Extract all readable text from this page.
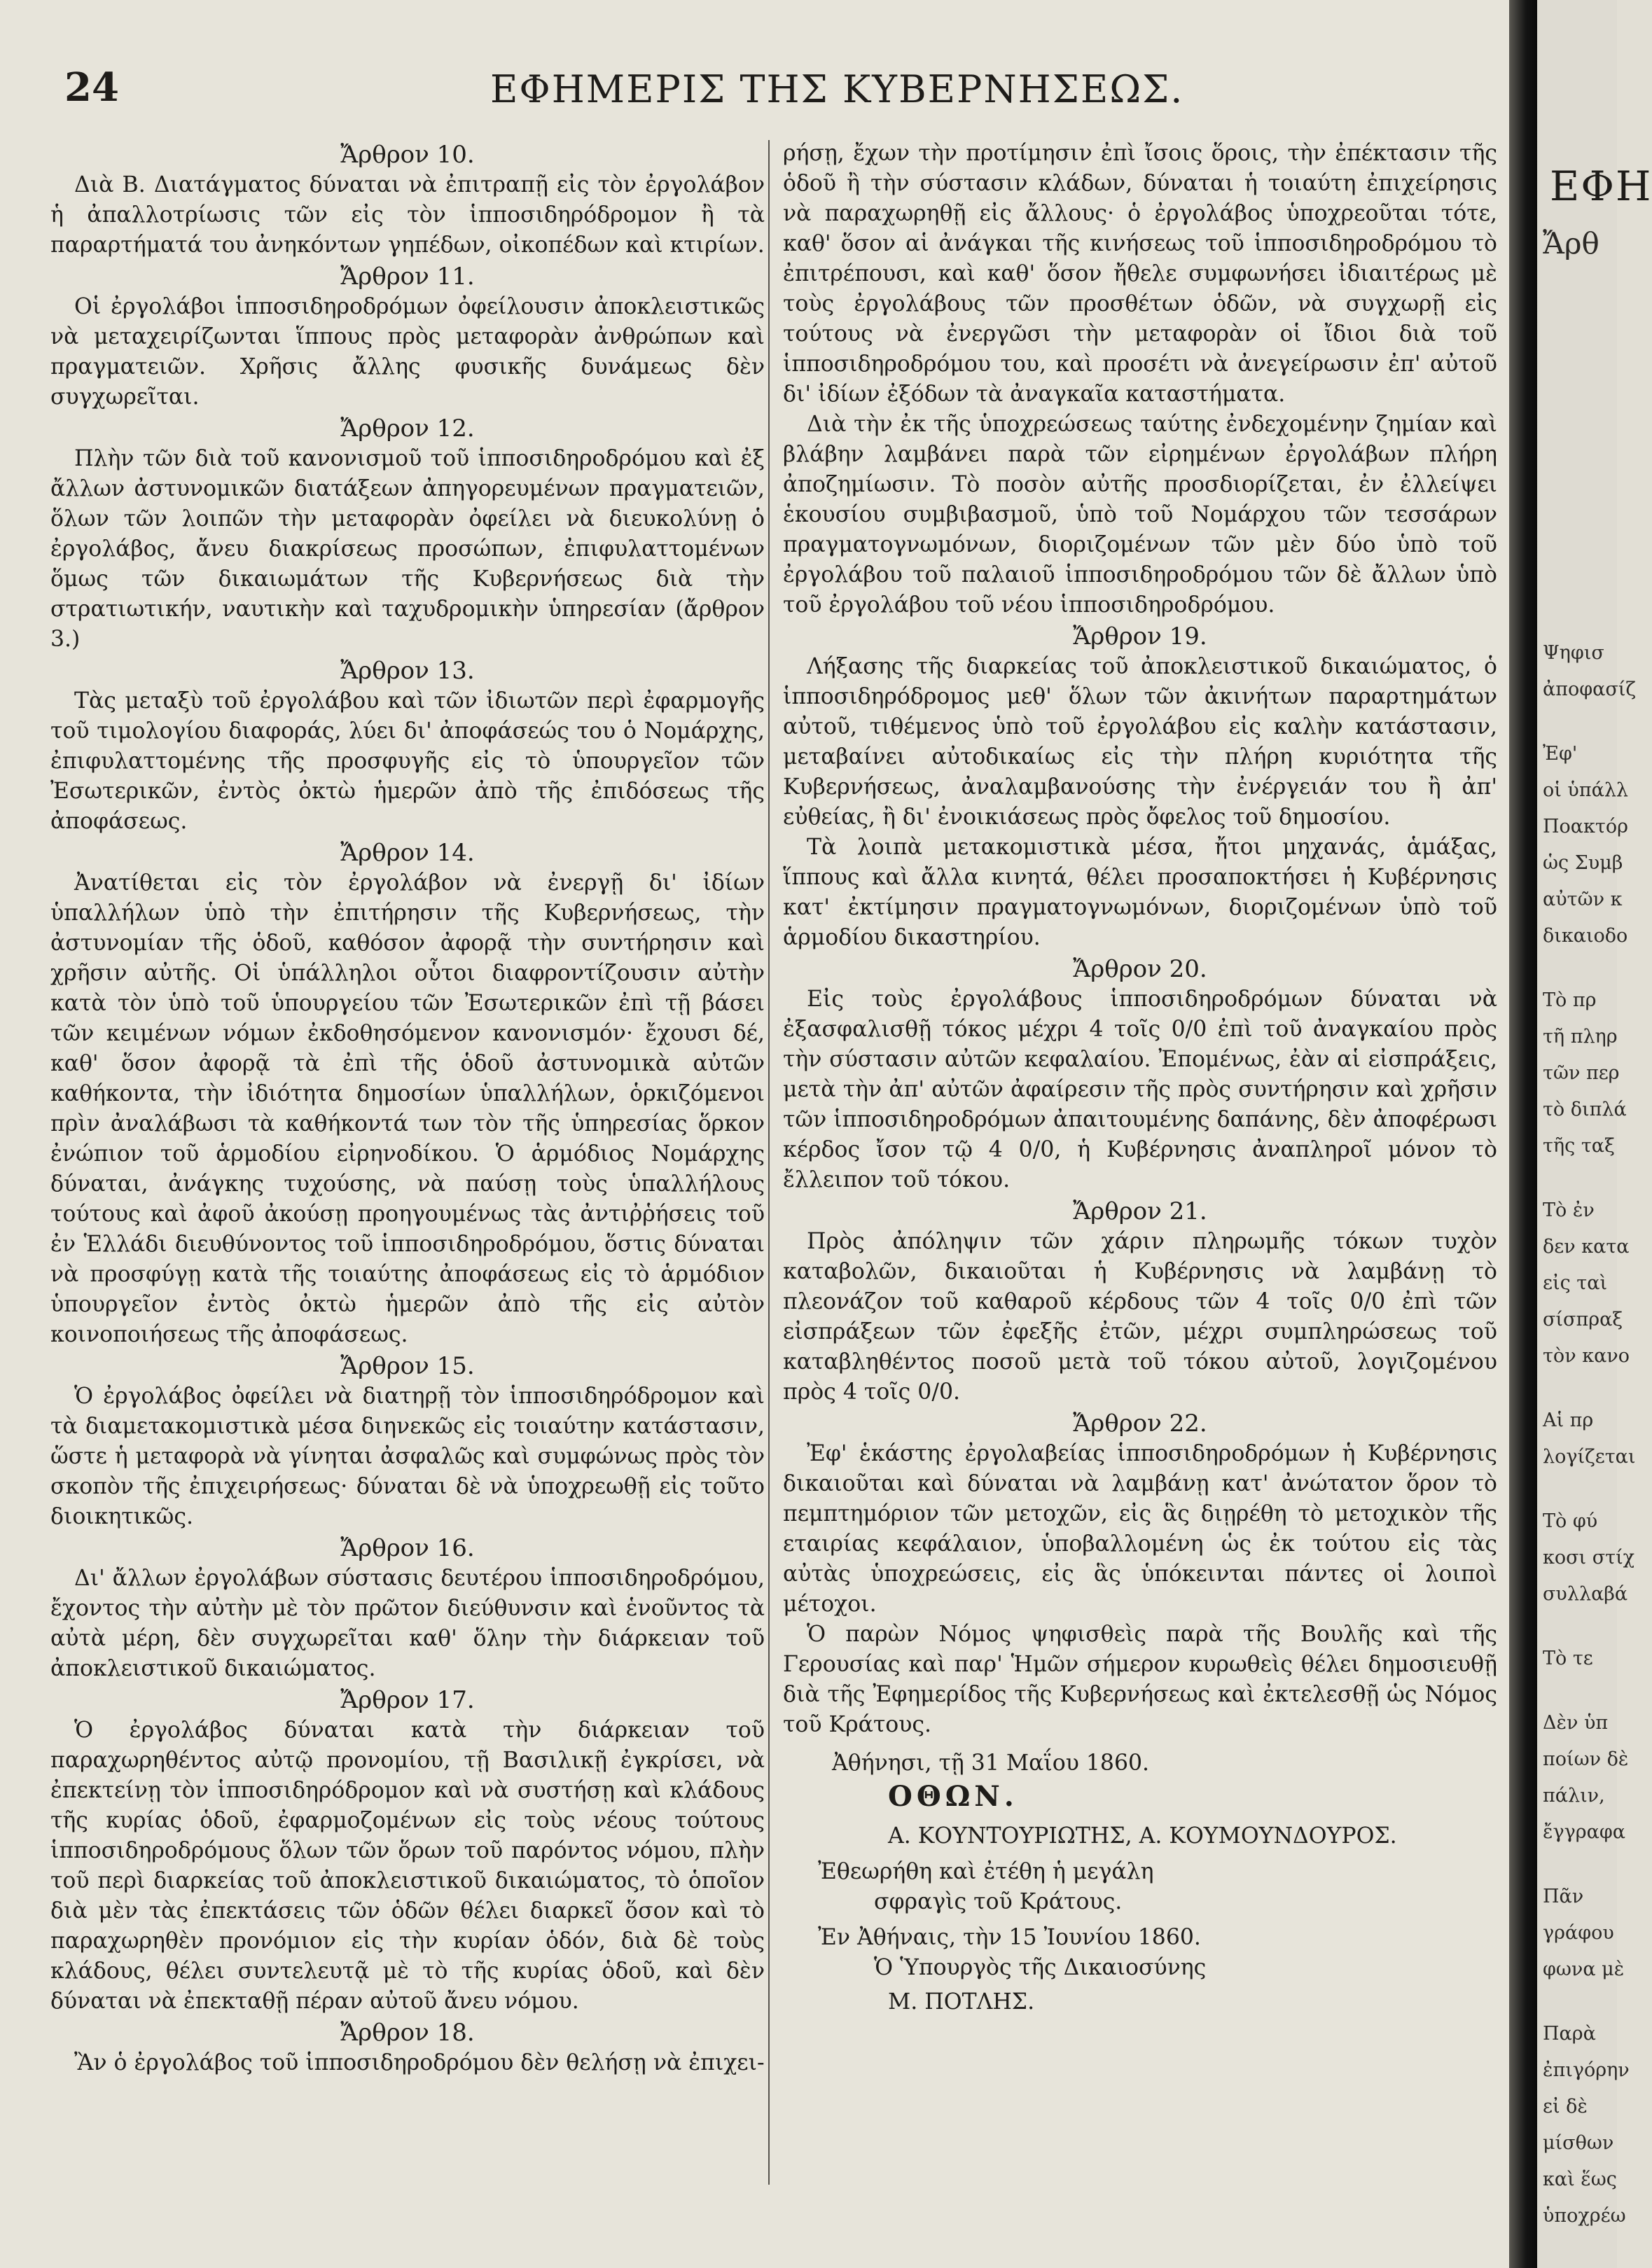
24	ΕΦΗΜΕΡΙΣ ΤΗΣ ΚΥΒΕΡΝΗΣΕΩΣ.
Ἄρθρον 10.

Διὰ Β. Διατάγματος δύναται νὰ ἐπιτραπῇ εἰς τὸν ἐργολάβον ἡ ἀπαλλοτρίωσις τῶν εἰς τὸν ἱπποσιδηρόδρομον ἢ τὰ παραρτήματά του ἀνηκόντων γηπέδων, οἰκοπέδων καὶ κτιρίων.

Ἄρθρον 11.

Οἱ ἐργολάβοι ἱπποσιδηροδρόμων ὀφείλουσιν ἀποκλειστικῶς νὰ μεταχειρίζωνται ἵππους πρὸς μεταφορὰν ἀνθρώπων καὶ πραγματειῶν. Χρῆσις ἄλλης φυσικῆς δυνάμεως δὲν συγχωρεῖται.

Ἄρθρον 12.

Πλὴν τῶν διὰ τοῦ κανονισμοῦ τοῦ ἱπποσιδηροδρόμου καὶ ἐξ ἄλλων ἀστυνομικῶν διατάξεων ἀπηγορευμένων πραγματειῶν, ὅλων τῶν λοιπῶν τὴν μεταφορὰν ὀφείλει νὰ διευκολύνῃ ὁ ἐργολάβος, ἄνευ διακρίσεως προσώπων, ἐπιφυλαττομένων ὅμως τῶν δικαιωμάτων τῆς Κυβερνήσεως διὰ τὴν στρατιωτικήν, ναυτικὴν καὶ ταχυδρομικὴν ὑπηρεσίαν (ἄρθρον 3.)

Ἄρθρον 13.

Τὰς μεταξὺ τοῦ ἐργολάβου καὶ τῶν ἰδιωτῶν περὶ ἐφαρμογῆς τοῦ τιμολογίου διαφοράς, λύει δι' ἀποφάσεώς του ὁ Νομάρχης, ἐπιφυλαττομένης τῆς προσφυγῆς εἰς τὸ ὑπουργεῖον τῶν Ἐσωτερικῶν, ἐντὸς ὀκτὼ ἡμερῶν ἀπὸ τῆς ἐπιδόσεως τῆς ἀποφάσεως.

Ἄρθρον 14.

Ἀνατίθεται εἰς τὸν ἐργολάβον νὰ ἐνεργῇ δι' ἰδίων ὑπαλλήλων ὑπὸ τὴν ἐπιτήρησιν τῆς Κυβερνήσεως, τὴν ἀστυνομίαν τῆς ὁδοῦ, καθόσον ἀφορᾷ τὴν συντήρησιν καὶ χρῆσιν αὐτῆς. Οἱ ὑπάλληλοι οὗτοι διαφροντίζουσιν αὐτὴν κατὰ τὸν ὑπὸ τοῦ ὑπουργείου τῶν Ἐσωτερικῶν ἐπὶ τῇ βάσει τῶν κειμένων νόμων ἐκδοθησόμενον κανονισμόν· ἔχουσι δέ, καθ' ὅσον ἀφορᾷ τὰ ἐπὶ τῆς ὁδοῦ ἀστυνομικὰ αὐτῶν καθήκοντα, τὴν ἰδιότητα δημοσίων ὑπαλλήλων, ὁρκιζόμενοι πρὶν ἀναλάβωσι τὰ καθήκοντά των τὸν τῆς ὑπηρεσίας ὅρκον ἐνώπιον τοῦ ἁρμοδίου εἰρηνοδίκου. Ὁ ἁρμόδιος Νομάρχης δύναται, ἀνάγκης τυχούσης, νὰ παύσῃ τοὺς ὑπαλλήλους τούτους καὶ ἀφοῦ ἀκούσῃ προηγουμένως τὰς ἀντιῤῥήσεις τοῦ ἐν Ἑλλάδι διευθύνοντος τοῦ ἱπποσιδηροδρόμου, ὅστις δύναται νὰ προσφύγῃ κατὰ τῆς τοιαύτης ἀποφάσεως εἰς τὸ ἁρμόδιον ὑπουργεῖον ἐντὸς ὀκτὼ ἡμερῶν ἀπὸ τῆς εἰς αὐτὸν κοινοποιήσεως τῆς ἀποφάσεως.

Ἄρθρον 15.

Ὁ ἐργολάβος ὀφείλει νὰ διατηρῇ τὸν ἱπποσιδηρόδρομον καὶ τὰ διαμετακομιστικὰ μέσα διηνεκῶς εἰς τοιαύτην κατάστασιν, ὥστε ἡ μεταφορὰ νὰ γίνηται ἀσφαλῶς καὶ συμφώνως πρὸς τὸν σκοπὸν τῆς ἐπιχειρήσεως· δύναται δὲ νὰ ὑποχρεωθῇ εἰς τοῦτο διοικητικῶς.

Ἄρθρον 16.

Δι' ἄλλων ἐργολάβων σύστασις δευτέρου ἱπποσιδηροδρόμου, ἔχοντος τὴν αὐτὴν μὲ τὸν πρῶτον διεύθυνσιν καὶ ἑνοῦντος τὰ αὐτὰ μέρη, δὲν συγχωρεῖται καθ' ὅλην τὴν διάρκειαν τοῦ ἀποκλειστικοῦ δικαιώματος.

Ἄρθρον 17.

Ὁ ἐργολάβος δύναται κατὰ τὴν διάρκειαν τοῦ παραχωρηθέντος αὐτῷ προνομίου, τῇ Βασιλικῇ ἐγκρίσει, νὰ ἐπεκτείνῃ τὸν ἱπποσιδηρόδρομον καὶ νὰ συστήσῃ καὶ κλάδους τῆς κυρίας ὁδοῦ, ἐφαρμοζομένων εἰς τοὺς νέους τούτους ἱπποσιδηροδρόμους ὅλων τῶν ὅρων τοῦ παρόντος νόμου, πλὴν τοῦ περὶ διαρκείας τοῦ ἀποκλειστικοῦ δικαιώματος, τὸ ὁποῖον διὰ μὲν τὰς ἐπεκτάσεις τῶν ὁδῶν θέλει διαρκεῖ ὅσον καὶ τὸ παραχωρηθὲν προνόμιον εἰς τὴν κυρίαν ὁδόν, διὰ δὲ τοὺς κλάδους, θέλει συντελευτᾷ μὲ τὸ τῆς κυρίας ὁδοῦ, καὶ δὲν δύναται νὰ ἐπεκταθῇ πέραν αὐτοῦ ἄνευ νόμου.

Ἄρθρον 18.

Ἂν ὁ ἐργολάβος τοῦ ἱπποσιδηροδρόμου δὲν θελήσῃ νὰ ἐπιχει-

ρήσῃ, ἔχων τὴν προτίμησιν ἐπὶ ἴσοις ὅροις, τὴν ἐπέκτασιν τῆς ὁδοῦ ἢ τὴν σύστασιν κλάδων, δύναται ἡ τοιαύτη ἐπιχείρησις νὰ παραχωρηθῇ εἰς ἄλλους· ὁ ἐργολάβος ὑποχρεοῦται τότε, καθ' ὅσον αἱ ἀνάγκαι τῆς κινήσεως τοῦ ἱπποσιδηροδρόμου τὸ ἐπιτρέπουσι, καὶ καθ' ὅσον ἤθελε συμφωνήσει ἰδιαιτέρως μὲ τοὺς ἐργολάβους τῶν προσθέτων ὁδῶν, νὰ συγχωρῇ εἰς τούτους νὰ ἐνεργῶσι τὴν μεταφορὰν οἱ ἴδιοι διὰ τοῦ ἱπποσιδηροδρόμου του, καὶ προσέτι νὰ ἀνεγείρωσιν ἐπ' αὐτοῦ δι' ἰδίων ἐξόδων τὰ ἀναγκαῖα καταστήματα.

Διὰ τὴν ἐκ τῆς ὑποχρεώσεως ταύτης ἐνδεχομένην ζημίαν καὶ βλάβην λαμβάνει παρὰ τῶν εἰρημένων ἐργολάβων πλήρη ἀποζημίωσιν. Τὸ ποσὸν αὐτῆς προσδιορίζεται, ἐν ἐλλείψει ἑκουσίου συμβιβασμοῦ, ὑπὸ τοῦ Νομάρχου τῶν τεσσάρων πραγματογνωμόνων, διοριζομένων τῶν μὲν δύο ὑπὸ τοῦ ἐργολάβου τοῦ παλαιοῦ ἱπποσιδηροδρόμου τῶν δὲ ἄλλων ὑπὸ τοῦ ἐργολάβου τοῦ νέου ἱπποσιδηροδρόμου.

Ἄρθρον 19.

Λήξασης τῆς διαρκείας τοῦ ἀποκλειστικοῦ δικαιώματος, ὁ ἱπποσιδηρόδρομος μεθ' ὅλων τῶν ἀκινήτων παραρτημάτων αὐτοῦ, τιθέμενος ὑπὸ τοῦ ἐργολάβου εἰς καλὴν κατάστασιν, μεταβαίνει αὐτοδικαίως εἰς τὴν πλήρη κυριότητα τῆς Κυβερνήσεως, ἀναλαμβανούσης τὴν ἐνέργειάν του ἢ ἀπ' εὐθείας, ἢ δι' ἐνοικιάσεως πρὸς ὄφελος τοῦ δημοσίου.

Τὰ λοιπὰ μετακομιστικὰ μέσα, ἤτοι μηχανάς, ἁμάξας, ἵππους καὶ ἄλλα κινητά, θέλει προσαποκτήσει ἡ Κυβέρνησις κατ' ἐκτίμησιν πραγματογνωμόνων, διοριζομένων ὑπὸ τοῦ ἁρμοδίου δικαστηρίου.

Ἄρθρον 20.

Εἰς τοὺς ἐργολάβους ἱπποσιδηροδρόμων δύναται νὰ ἐξασφαλισθῇ τόκος μέχρι 4 τοῖς 0/0 ἐπὶ τοῦ ἀναγκαίου πρὸς τὴν σύστασιν αὐτῶν κεφαλαίου. Ἐπομένως, ἐὰν αἱ εἰσπράξεις, μετὰ τὴν ἀπ' αὐτῶν ἀφαίρεσιν τῆς πρὸς συντήρησιν καὶ χρῆσιν τῶν ἱπποσιδηροδρόμων ἀπαιτουμένης δαπάνης, δὲν ἀποφέρωσι κέρδος ἴσον τῷ 4 0/0, ἡ Κυβέρνησις ἀναπληροῖ μόνον τὸ ἔλλειπον τοῦ τόκου.

Ἄρθρον 21.

Πρὸς ἀπόληψιν τῶν χάριν πληρωμῆς τόκων τυχὸν καταβολῶν, δικαιοῦται ἡ Κυβέρνησις νὰ λαμβάνῃ τὸ πλεονάζον τοῦ καθαροῦ κέρδους τῶν 4 τοῖς 0/0 ἐπὶ τῶν εἰσπράξεων τῶν ἐφεξῆς ἐτῶν, μέχρι συμπληρώσεως τοῦ καταβληθέντος ποσοῦ μετὰ τοῦ τόκου αὐτοῦ, λογιζομένου πρὸς 4 τοῖς 0/0.

Ἄρθρον 22.

Ἐφ' ἑκάστης ἐργολαβείας ἱπποσιδηροδρόμων ἡ Κυβέρνησις δικαιοῦται καὶ δύναται νὰ λαμβάνῃ κατ' ἀνώτατον ὅρον τὸ πεμπτημόριον τῶν μετοχῶν, εἰς ἃς διῃρέθη τὸ μετοχικὸν τῆς εταιρίας κεφάλαιον, ὑποβαλλομένη ὡς ἐκ τούτου εἰς τὰς αὐτὰς ὑποχρεώσεις, εἰς ἃς ὑπόκεινται πάντες οἱ λοιποὶ μέτοχοι.

Ὁ παρὼν Νόμος ψηφισθεὶς παρὰ τῆς Βουλῆς καὶ τῆς Γερουσίας καὶ παρ' Ἡμῶν σήμερον κυρωθεὶς θέλει δημοσιευθῇ διὰ τῆς Ἐφημερίδος τῆς Κυβερνήσεως καὶ ἐκτελεσθῇ ὡς Νόμος τοῦ Κράτους.

Ἀθήνησι, τῇ 31 Μαΐου 1860.
ΟΘΩΝ.
Α. ΚΟΥΝΤΟΥΡΙΩΤΗΣ, Α. ΚΟΥΜΟΥΝΔΟΥΡΟΣ.
Ἐθεωρήθη καὶ ἐτέθη ἡ μεγάλη
σφραγὶς τοῦ Κράτους.
Ἐν Ἀθήναις, τὴν 15 Ἰουνίου 1860.
Ὁ Ὑπουργὸς τῆς Δικαιοσύνης
Μ. ΠΟΤΛΗΣ.
ΕΦΗ
Ἄρθ
Ψηφισ
ἀποφασίζ
Ἐφ'
οἱ ὑπάλλ
Ποακτόρ
ὡς Συμβ
αὐτῶν κ
δικαιοδο
Τὸ πρ
τῆ πληρ
τῶν περ
τὸ διπλά
τῆς ταξ
Τὸ ἐν
δεν κατα
εἰς ταὶ
σίσπραξ
τὸν κανο
Αἱ πρ
λογίζεται
Τὸ φύ
κοσι στίχ
συλλαβά
Τὸ τε
Δὲν ὑπ
ποίων δὲ
πάλιν,
ἔγγραφα
Πᾶν
γράφου
φωνα μὲ
Παρὰ
ἐπιγόρην
εἰ δὲ
μίσθων
καὶ ἕως
ὑποχρέω
